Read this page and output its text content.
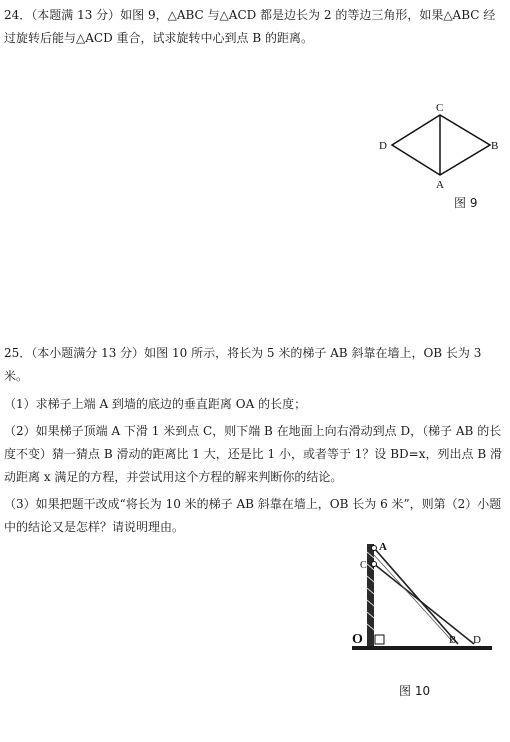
24．（本题满 13 分）如图 9，△ABC 与△ACD 都是边长为 2 的等边三角形，如果△ABC 经过旋转后能与△ACD 重合，试求旋转中心到点 B 的距离。

C
D	B
A
图 9

25．（本小题满分 13 分）如图 10 所示，将长为 5 米的梯子 AB 斜靠在墙上，OB 长为 3 米。

（1）求梯子上端 A 到墙的底边的垂直距离 OA 的长度；

（2）如果梯子顶端 A 下滑 1 米到点 C，则下端 B 在地面上向右滑动到点 D，（梯子 AB 的长度不变）猜一猜点 B 滑动的距离比 1 大，还是比 1 小，或者等于 1？设 BD=x，列出点 B 滑动距离 x 满足的方程，并尝试用这个方程的解来判断你的结论。

（3）如果把题干改成“将长为 10 米的梯子 AB 斜靠在墙上，OB 长为 6 米”，则第（2）小题中的结论又是怎样？请说明理由。

A
C
O	B D
图 10
